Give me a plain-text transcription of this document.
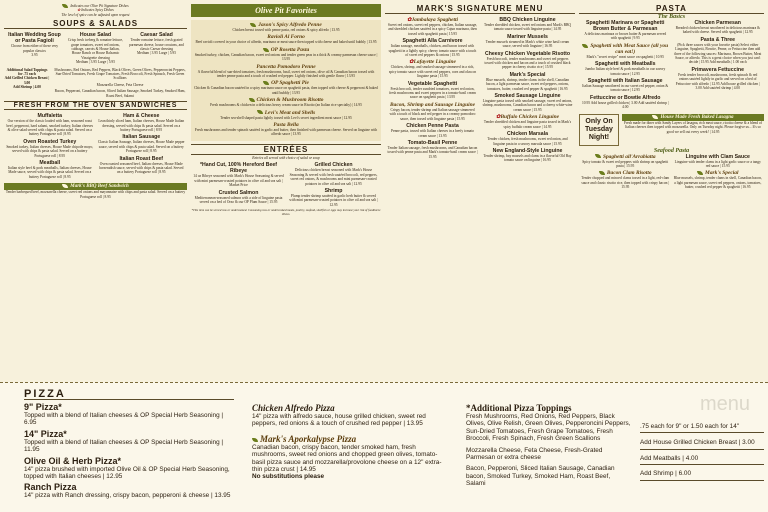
Indicates our Olive Pit Signature Dishes
✿ Indicates Spicy Dishes
The level of spice can be adjusted upon request
SOUPS & SALADS
Italian Wedding Soup or Pasta Fagioli
Choose from either of these very popular classics
3.95
House Salad
Crisp fresh iceberg & romaine lettuce, grape tomatoes, sweet red onions, cabbage, carrots & House Italian, House Ranch or House Balsamic Vinaigrette dressing
Medium | 3.95 Large | 5.95
Caesar Salad
Tender romaine lettuce, fresh grated parmesan cheese, house croutons, and classic Caesar dressing
Medium | 3.95 Large | 5.95
Additional Salad Toppings for .75 each
Add Grilled Chicken Breast | 3.00
Add Shrimp | 4.00
Mushrooms, Red Onions, Red Peppers, Black Olives, Green Olives, Pepperoncini Peppers, Sun-Dried Tomatoes, Fresh Grape Tomatoes, Fresh Broccoli, Fresh Spinach, Fresh Green Scallions
Mozzarella Cheese, Feta Cheese
Bacon, Pepperoni, Canadian bacon, Sliced Italian Sausage, Smoked Turkey, Smoked Ham, Roast Beef, Salami
FRESH FROM THE OVEN SANDWICHES
Muffaletta
Our version of the classic loaded with ham, seasoned roast beef, pepperoni, hard salami, smoked turkey, Italian cheeses & olive salad served with chips & pasta salad. Served on a buttery Portuguese roll | 8.95
Oven Roasted Turkey
Smoked turkey, Italian cheeses, House Made chipotle mayo, served with chips & pasta salad. Served on a buttery Portuguese roll | 8.95
Meatball
Italian style beef & pork meatballs, Italian cheeses, House Made sauce, served with chips & pasta salad. Served on a buttery Portuguese roll | 8.95
Ham & Cheese
Lean thinly sliced ham, Italian cheeses, House Made Italian dressing, served with chips & pasta salad. Served on a buttery Portuguese roll | 8.95
Italian Sausage
Classic Italian Sausage, Italian cheeses, House Made pepper sauce, served with chips & pasta salad. Served on a buttery Portuguese roll | 8.95
Italian Roast Beef
Oven roasted seasoned beef, Italian cheeses, House Made horseradish sauce, served with chips & pasta salad. Served on a buttery Portuguese roll | 8.95
Mark's BBQ Beef Sandwich
Tender barbequed beef, mozzarella cheese, sweet red onions and mayonnaise with chips and pasta salad. Served on a buttery Portuguese roll | 8.95
Olive Pit Favorites
Jason's Spicy Alfredo Penne
Chicken breast tossed with penne pasta, red onions & spicy alfredo | 13.95
Ravioli Al Forno
Beef ravioli covered in your choice of alfredo, marinara or meat sauce then topped with cheese and baked until bubbly | 13.95
OP Rosetta Pasta
Smoked turkey, chicken, Canadian bacon, sweet red onions and tender green peas in a thick & creamy parmesan cheese sauce | 13.95
Pancetta Pomodoro Penne
A flavorful blend of sun-dried tomatoes, fresh mushrooms, basil, sweet red onions, olive oil & Canadian bacon tossed with tender penne pasta and a touch of crushed red pepper. Lightly finished with gentle flavor | 13.95
OP Spaghetti Pie
Chicken & Canadian bacon sautéed in a spicy marinara sauce on spaghetti pasta, then topped with cheese & pepperoni & baked until bubbly | 13.95
Chicken & Mushroom Risotto
Fresh mushrooms & chicken in a delicious heavy cream sauce in Risotto (an Italian rice specialty) | 14.95
Levi's Meat and Shells
Tender sea-shell shaped pasta lightly tossed with Levi's secret ingredient meat sauce | 12.95
Pasta Bella
Fresh mushrooms and tender spinach sautéed in garlic and butter, then finished with parmesan cheese. Served on linguine with alfredo sauce | 13.95
ENTRÉES
Entrées all served with choice of salad or soup
*Hand Cut, 100% Hereford Beef Ribeye
14 oz Ribeye seasoned with Mark's House Seasoning & served with mini parmesan-crusted potatoes in olive oil and sea salt | Market Price
Crusted Salmon
Mediterranean-seasoned salmon with a side of linguine pasta served on a bed of Orzo & our OP Plum Sauce | 15.95
Grilled Chicken
Delicious chicken breast seasoned with Mark's House Seasoning & served with fresh sautéed broccoli, red peppers, sweet red onions, & mushrooms and mini parmesan-crusted potatoes in olive oil and sea salt | 12.95
Shrimp
Plump tender shrimp sautéed in garlic herb butter & served with mini parmesan-crusted potatoes in olive oil and sea salt | 12.95
*This item can be served raw or undercooked. Consuming raw or undercooked meats, poultry, seafood, shellfish or eggs may increase your risk of foodborne illness.
MARK'S SIGNATURE MENU
✿Jambalaya Spaghetti
Sweet red onions, sweet red peppers, chicken, Italian sausage, and shredded chicken sautéed in a spicy Cajun marinara, then tossed with spaghetti pasta | 15.95
Spaghetti Alla Carnivore
Italian sausage, meatballs, chicken, and bacon tossed with spaghetti in a lightly spicy, cheesy tomato sauce with a touch of sweet red peppers & onions | 15.95
✿Lafayette Linguine
Chicken, shrimp, and smoked sausage simmered in a rich, spicy tomato sauce with sweet red peppers, corn and okra on linguine pasta | 15.95
Vegetable Spaghetti
Fresh broccoli, tender sundried tomatoes, sweet red onion, fresh mushrooms and sweet peppers in a tomato-basil cream sauce on spaghetti pasta | 13.95
Bacon, Shrimp and Sausage Linguine
Crispy bacon, tender shrimp and Italian sausage simmered with a touch of black and red pepper in a creamy pomodoro sauce, then tossed with linguine pasta | 15.95
Chicken Penne Pasta
Penne pasta, tossed with Italian cheeses in a beefy tomato cream sauce | 13.95
Tomato-Basil Penne
Tender Italian sausage, fresh mushrooms, and Canadian bacon tossed with penne pasta and Mark's tomato-basil cream sauce | 15.95
BBQ Chicken Linguine
Tender shredded chicken, sweet red onions and Mark's BBQ tomato sauce tossed with linguine pasta | 14.95
Mariner Mussels
Tender mussels steamed in Mark's white wine basil cream sauce, served with linguine | 16.95
Cheesy Chicken Vegetable Risotto
Fresh broccoli, tender mushrooms and sweet red peppers tossed with chicken and bacon and a touch of crushed black pepper in cheesy risotto rice | 15.95
Mark's Special
Blue mussels, shrimp, tender clams in the shell, Canadian bacon, a light parmesan sauce, sweet red peppers, onions, tomatoes, butter, crushed red pepper & spaghetti | 16.95
Smoked Sausage Linguine
Linguine pasta tossed with smoked sausage, sweet red onions, shrimp, mushrooms, Canadian bacon and a cheesy white-wine cream sauce | 15.95
✿Buffalo Chicken Linguine
Tender shredded chicken and linguine pasta tossed in Mark's spicy buffalo cream sauce | 14.95
Chicken Marsala
Tender chicken, fresh mushrooms, sweet red onion, and linguine pasta in a savory marsala sauce | 15.95
New England-Style Linguine
Tender shrimp, bay mussels and clams in a flavorful Old Bay tomato sauce on linguine | 16.95
PASTA
The Basics
Spaghetti Marinara or Spaghetti Brown Butter & Parmesan
A delicious marinara or brown butter & parmesan served with spaghetti | 9.95
Spaghetti with Meat Sauce (all you can eat!)
Mark's "secret recipe" meat sauce on spaghetti | 10.95
Spaghetti with Meatballs
Jumbo Italian style beef & pork meatballs in our savory tomato sauce | 12.95
Spaghetti with Italian Sausage
Italian Sausage smothered in our sweet red pepper, onion & tomato sauce | 12.95
Fettuccine or Bowtie Alfredo
10.95 Add house grilled chicken | 3.00 Add sautéed shrimp | 4.00
Chicken Parmesan
Breaded chicken breast smothered in delicious marinara & baked with cheese. Served with spaghetti | 12.95
Pasta & Three
(Pick three sauces with your favorite pasta) Select either Linguine, Spaghetti, Bowtie, Penne, or Fettuccine then add three of the following sauces: Marinara, Brown Butter, Meat Sauce, or alfredo. This is a great choice when you just can't decide | 15.95 Add meatballs | 1.00 each
Primavera Fettuccine
Fresh tender broccoli, mushrooms, fresh spinach & red onions sautéed lightly in garlic and served on a bed of Fettuccine with alfredo | 12.95 Add house grilled chicken | 3.00 Add sautéed shrimp | 4.00
Only On Tuesday Night!
House Made Fresh Baked Lasagna
Fresh made for diner with Sandy Layers of lasagna, rich meat sauce, ricotta cheese & a blend of Italian cheeses then topped with mozzarella. Only on Tuesday night. Please forgive us... It's so good we sell out every week! | 14.95
Seafood Pasta
Spaghetti all'Arrabiatta
Spicy tomato & sweet red peppers with shrimp on spaghetti pasta | 15.95
Bacon Clam Risotto
Tender chopped and minced clams tossed in a light, red-clam sauce and classic risotto rice, then topped with crispy bacon | 15.95
Linguine with Clam Sauce
Linguine with tender clams in a light garlic sauce or a tangy red sauce | 15.95
Mark's Special
Blue mussels, shrimp, tender clams in shell, Canadian bacon, a light parmesan sauce, sweet red peppers, onions, tomatoes, butter, crushed red pepper & spaghetti | 16.95
PIZZA
9" Pizza*
Topped with a blend of Italian cheeses & OP Special Herb Seasoning | 6.95
14" Pizza*
Topped with a blend of Italian cheeses & OP Special Herb Seasoning | 11.95
Olive Oil & Herb Pizza*
14" pizza brushed with imported Olive Oil & OP Special Herb Seasoning, topped with Italian cheeses | 12.95
Ranch Pizza
14" pizza with Ranch dressing, crispy bacon, pepperoni & cheese | 13.95
Chicken Alfredo Pizza
14" pizza with alfredo sauce, house grilled chicken, sweet red peppers, red onions & a touch of crushed red pepper | 13.95
Mark's Aporkalypse Pizza
Canadian bacon, crispy bacon, tender smoked ham, fresh mushrooms, sweet red onions and chopped green olives, tomato-basil pizza sauce and mozzarella/provolone cheese on a 12" extra-thin pizza crust | 14.95
No substitutions please
*Additional Pizza Toppings
Fresh Mushrooms, Red Onions, Red Peppers, Black Olives, Olive Relish, Green Olives, Pepperoncini Peppers, Sun-Dried Tomatoes, Fresh Grape Tomatoes, Fresh Broccoli, Fresh Spinach, Fresh Green Scallions
Mozzarella Cheese, Feta Cheese, Fresh-Grated Parmesan or extra cheese
Bacon, Pepperoni, Sliced Italian Sausage, Canadian bacon, Smoked Turkey, Smoked Ham, Roast Beef, Salami
.75 each for 9" or 1.50 each for 14"
Add House Grilled Chicken Breast | 3.00
Add Meatballs | 4.00
Add Shrimp | 6.00
menu
